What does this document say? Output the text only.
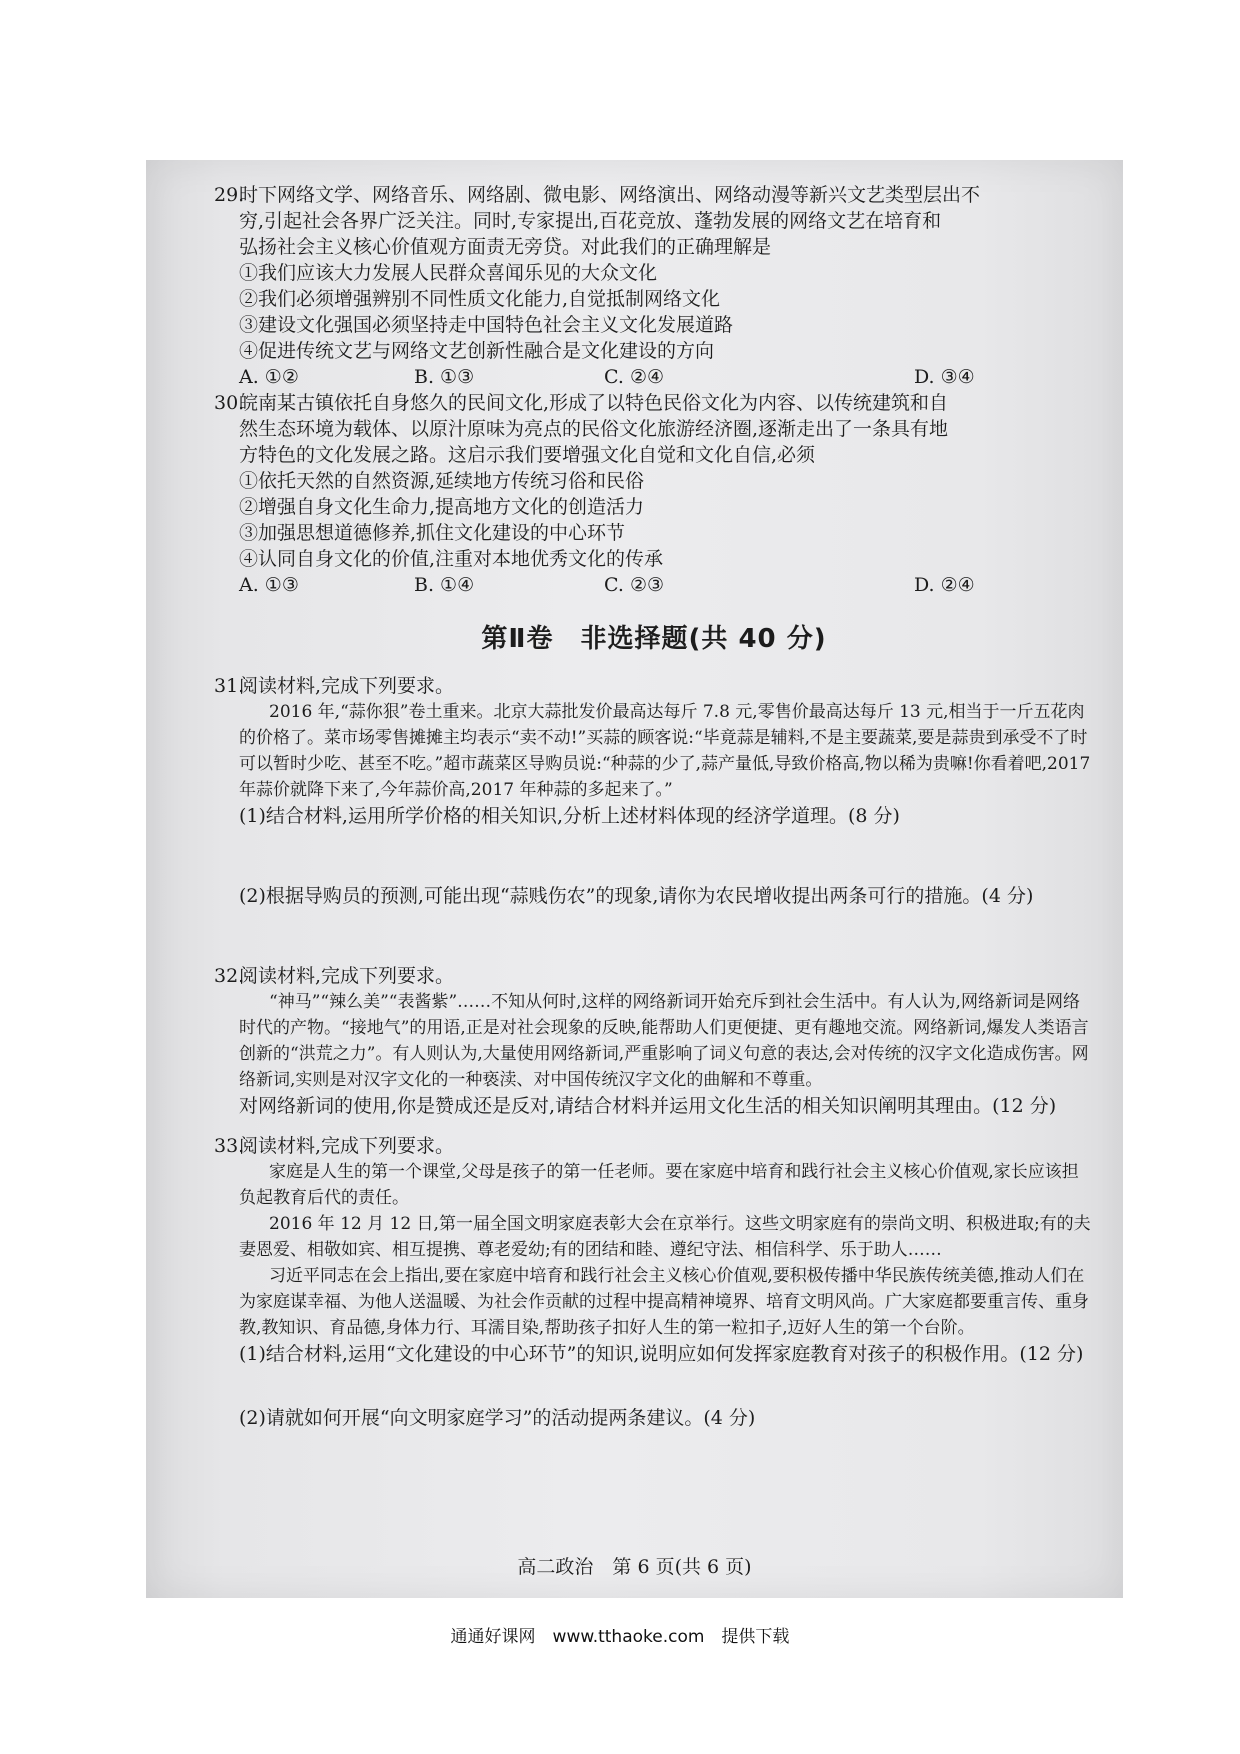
29.时下网络文学、网络音乐、网络剧、微电影、网络演出、网络动漫等新兴文艺类型层出不
穷,引起社会各界广泛关注。同时,专家提出,百花竞放、蓬勃发展的网络文艺在培育和
弘扬社会主义核心价值观方面责无旁贷。对此我们的正确理解是
①我们应该大力发展人民群众喜闻乐见的大众文化
②我们必须增强辨别不同性质文化能力,自觉抵制网络文化
③建设文化强国必须坚持走中国特色社会主义文化发展道路
④促进传统文艺与网络文艺创新性融合是文化建设的方向
A. ①②	B. ①③	C. ②④	D. ③④
30.皖南某古镇依托自身悠久的民间文化,形成了以特色民俗文化为内容、以传统建筑和自
然生态环境为载体、以原汁原味为亮点的民俗文化旅游经济圈,逐渐走出了一条具有地
方特色的文化发展之路。这启示我们要增强文化自觉和文化自信,必须
①依托天然的自然资源,延续地方传统习俗和民俗
②增强自身文化生命力,提高地方文化的创造活力
③加强思想道德修养,抓住文化建设的中心环节
④认同自身文化的价值,注重对本地优秀文化的传承
A. ①③	B. ①④	C. ②③	D. ②④
第Ⅱ卷　非选择题(共 40 分)
31.阅读材料,完成下列要求。
2016 年,“蒜你狠”卷土重来。北京大蒜批发价最高达每斤 7.8 元,零售价最高达每斤 13 元,相当于一斤五花肉的价格了。菜市场零售摊摊主均表示“卖不动!”买蒜的顾客说:“毕竟蒜是辅料,不是主要蔬菜,要是蒜贵到承受不了时可以暂时少吃、甚至不吃。”超市蔬菜区导购员说:“种蒜的少了,蒜产量低,导致价格高,物以稀为贵嘛!你看着吧,2017 年蒜价就降下来了,今年蒜价高,2017 年种蒜的多起来了。”
(1)结合材料,运用所学价格的相关知识,分析上述材料体现的经济学道理。(8 分)
(2)根据导购员的预测,可能出现“蒜贱伤农”的现象,请你为农民增收提出两条可行的措施。(4 分)
32.阅读材料,完成下列要求。
“神马”“辣么美”“表酱紫”……不知从何时,这样的网络新词开始充斥到社会生活中。有人认为,网络新词是网络时代的产物。“接地气”的用语,正是对社会现象的反映,能帮助人们更便捷、更有趣地交流。网络新词,爆发人类语言创新的“洪荒之力”。有人则认为,大量使用网络新词,严重影响了词义句意的表达,会对传统的汉字文化造成伤害。网络新词,实则是对汉字文化的一种亵渎、对中国传统汉字文化的曲解和不尊重。
对网络新词的使用,你是赞成还是反对,请结合材料并运用文化生活的相关知识阐明其理由。(12 分)
33.阅读材料,完成下列要求。
家庭是人生的第一个课堂,父母是孩子的第一任老师。要在家庭中培育和践行社会主义核心价值观,家长应该担负起教育后代的责任。
2016 年 12 月 12 日,第一届全国文明家庭表彰大会在京举行。这些文明家庭有的崇尚文明、积极进取;有的夫妻恩爱、相敬如宾、相互提携、尊老爱幼;有的团结和睦、遵纪守法、相信科学、乐于助人……
习近平同志在会上指出,要在家庭中培育和践行社会主义核心价值观,要积极传播中华民族传统美德,推动人们在为家庭谋幸福、为他人送温暖、为社会作贡献的过程中提高精神境界、培育文明风尚。广大家庭都要重言传、重身教,教知识、育品德,身体力行、耳濡目染,帮助孩子扣好人生的第一粒扣子,迈好人生的第一个台阶。
(1)结合材料,运用“文化建设的中心环节”的知识,说明应如何发挥家庭教育对孩子的积极作用。(12 分)
(2)请就如何开展“向文明家庭学习”的活动提两条建议。(4 分)
高二政治　第 6 页(共 6 页)
通通好课网　www.tthaoke.com　提供下载
